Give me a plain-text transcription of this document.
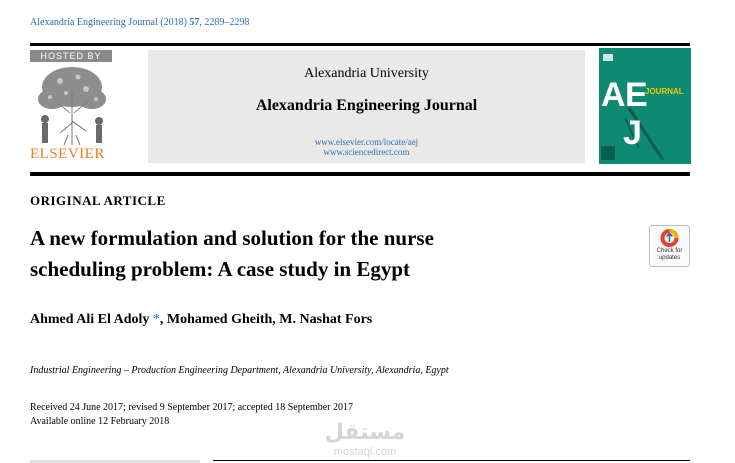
Alexandria Engineering Journal (2018) 57, 2289–2298
HOSTED BY
ELSEVIER
Alexandria University
Alexandria Engineering Journal
www.elsevier.com/locate/aej
www.sciencedirect.com
A
J
E
JOURNAL
ORIGINAL ARTICLE
A new formulation and solution for the nurse
scheduling problem: A case study in Egypt
Check for
updates
Ahmed Ali El Adoly *, Mohamed Gheith, M. Nashat Fors
Industrial Engineering – Production Engineering Department, Alexandria University, Alexandria, Egypt
Received 24 June 2017; revised 9 September 2017; accepted 18 September 2017
Available online 12 February 2018	مستقل
mostaql.com
